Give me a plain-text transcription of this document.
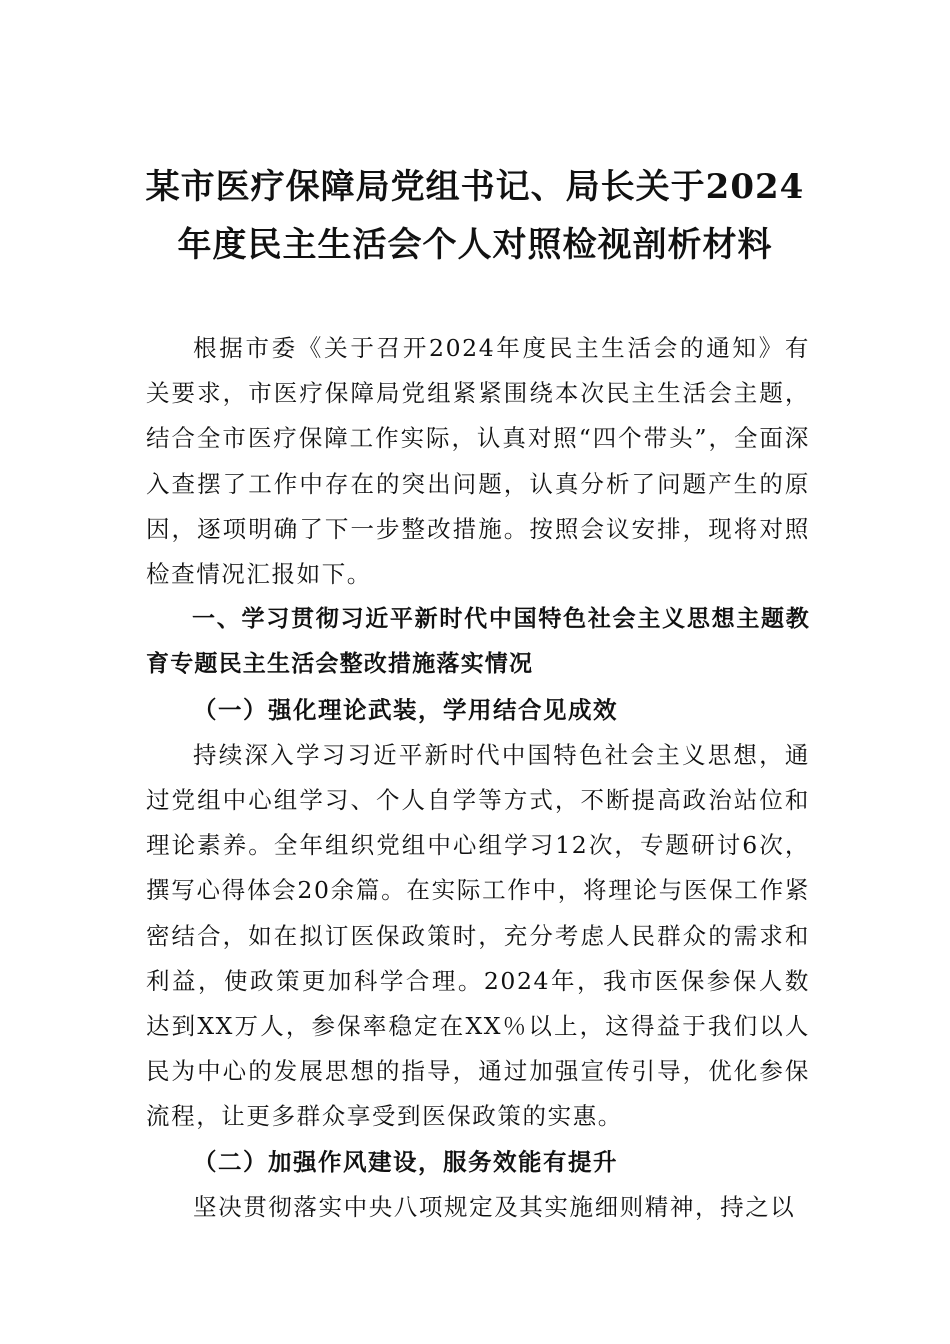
某市医疗保障局党组书记、局长关于2024
年度民主生活会个人对照检视剖析材料

根据市委《关于召开2024年度民主生活会的通知》有关要求，市医疗保障局党组紧紧围绕本次民主生活会主题，结合全市医疗保障工作实际，认真对照“四个带头”，全面深入查摆了工作中存在的突出问题，认真分析了问题产生的原因，逐项明确了下一步整改措施。按照会议安排，现将对照检查情况汇报如下。

一、学习贯彻习近平新时代中国特色社会主义思想主题教育专题民主生活会整改措施落实情况

（一）强化理论武装，学用结合见成效

持续深入学习习近平新时代中国特色社会主义思想，通过党组中心组学习、个人自学等方式，不断提高政治站位和理论素养。全年组织党组中心组学习12次，专题研讨6次，撰写心得体会20余篇。在实际工作中，将理论与医保工作紧密结合，如在拟订医保政策时，充分考虑人民群众的需求和利益，使政策更加科学合理。2024年，我市医保参保人数达到XX万人，参保率稳定在XX％以上，这得益于我们以人民为中心的发展思想的指导，通过加强宣传引导，优化参保流程，让更多群众享受到医保政策的实惠。

（二）加强作风建设，服务效能有提升

坚决贯彻落实中央八项规定及其实施细则精神，持之以
